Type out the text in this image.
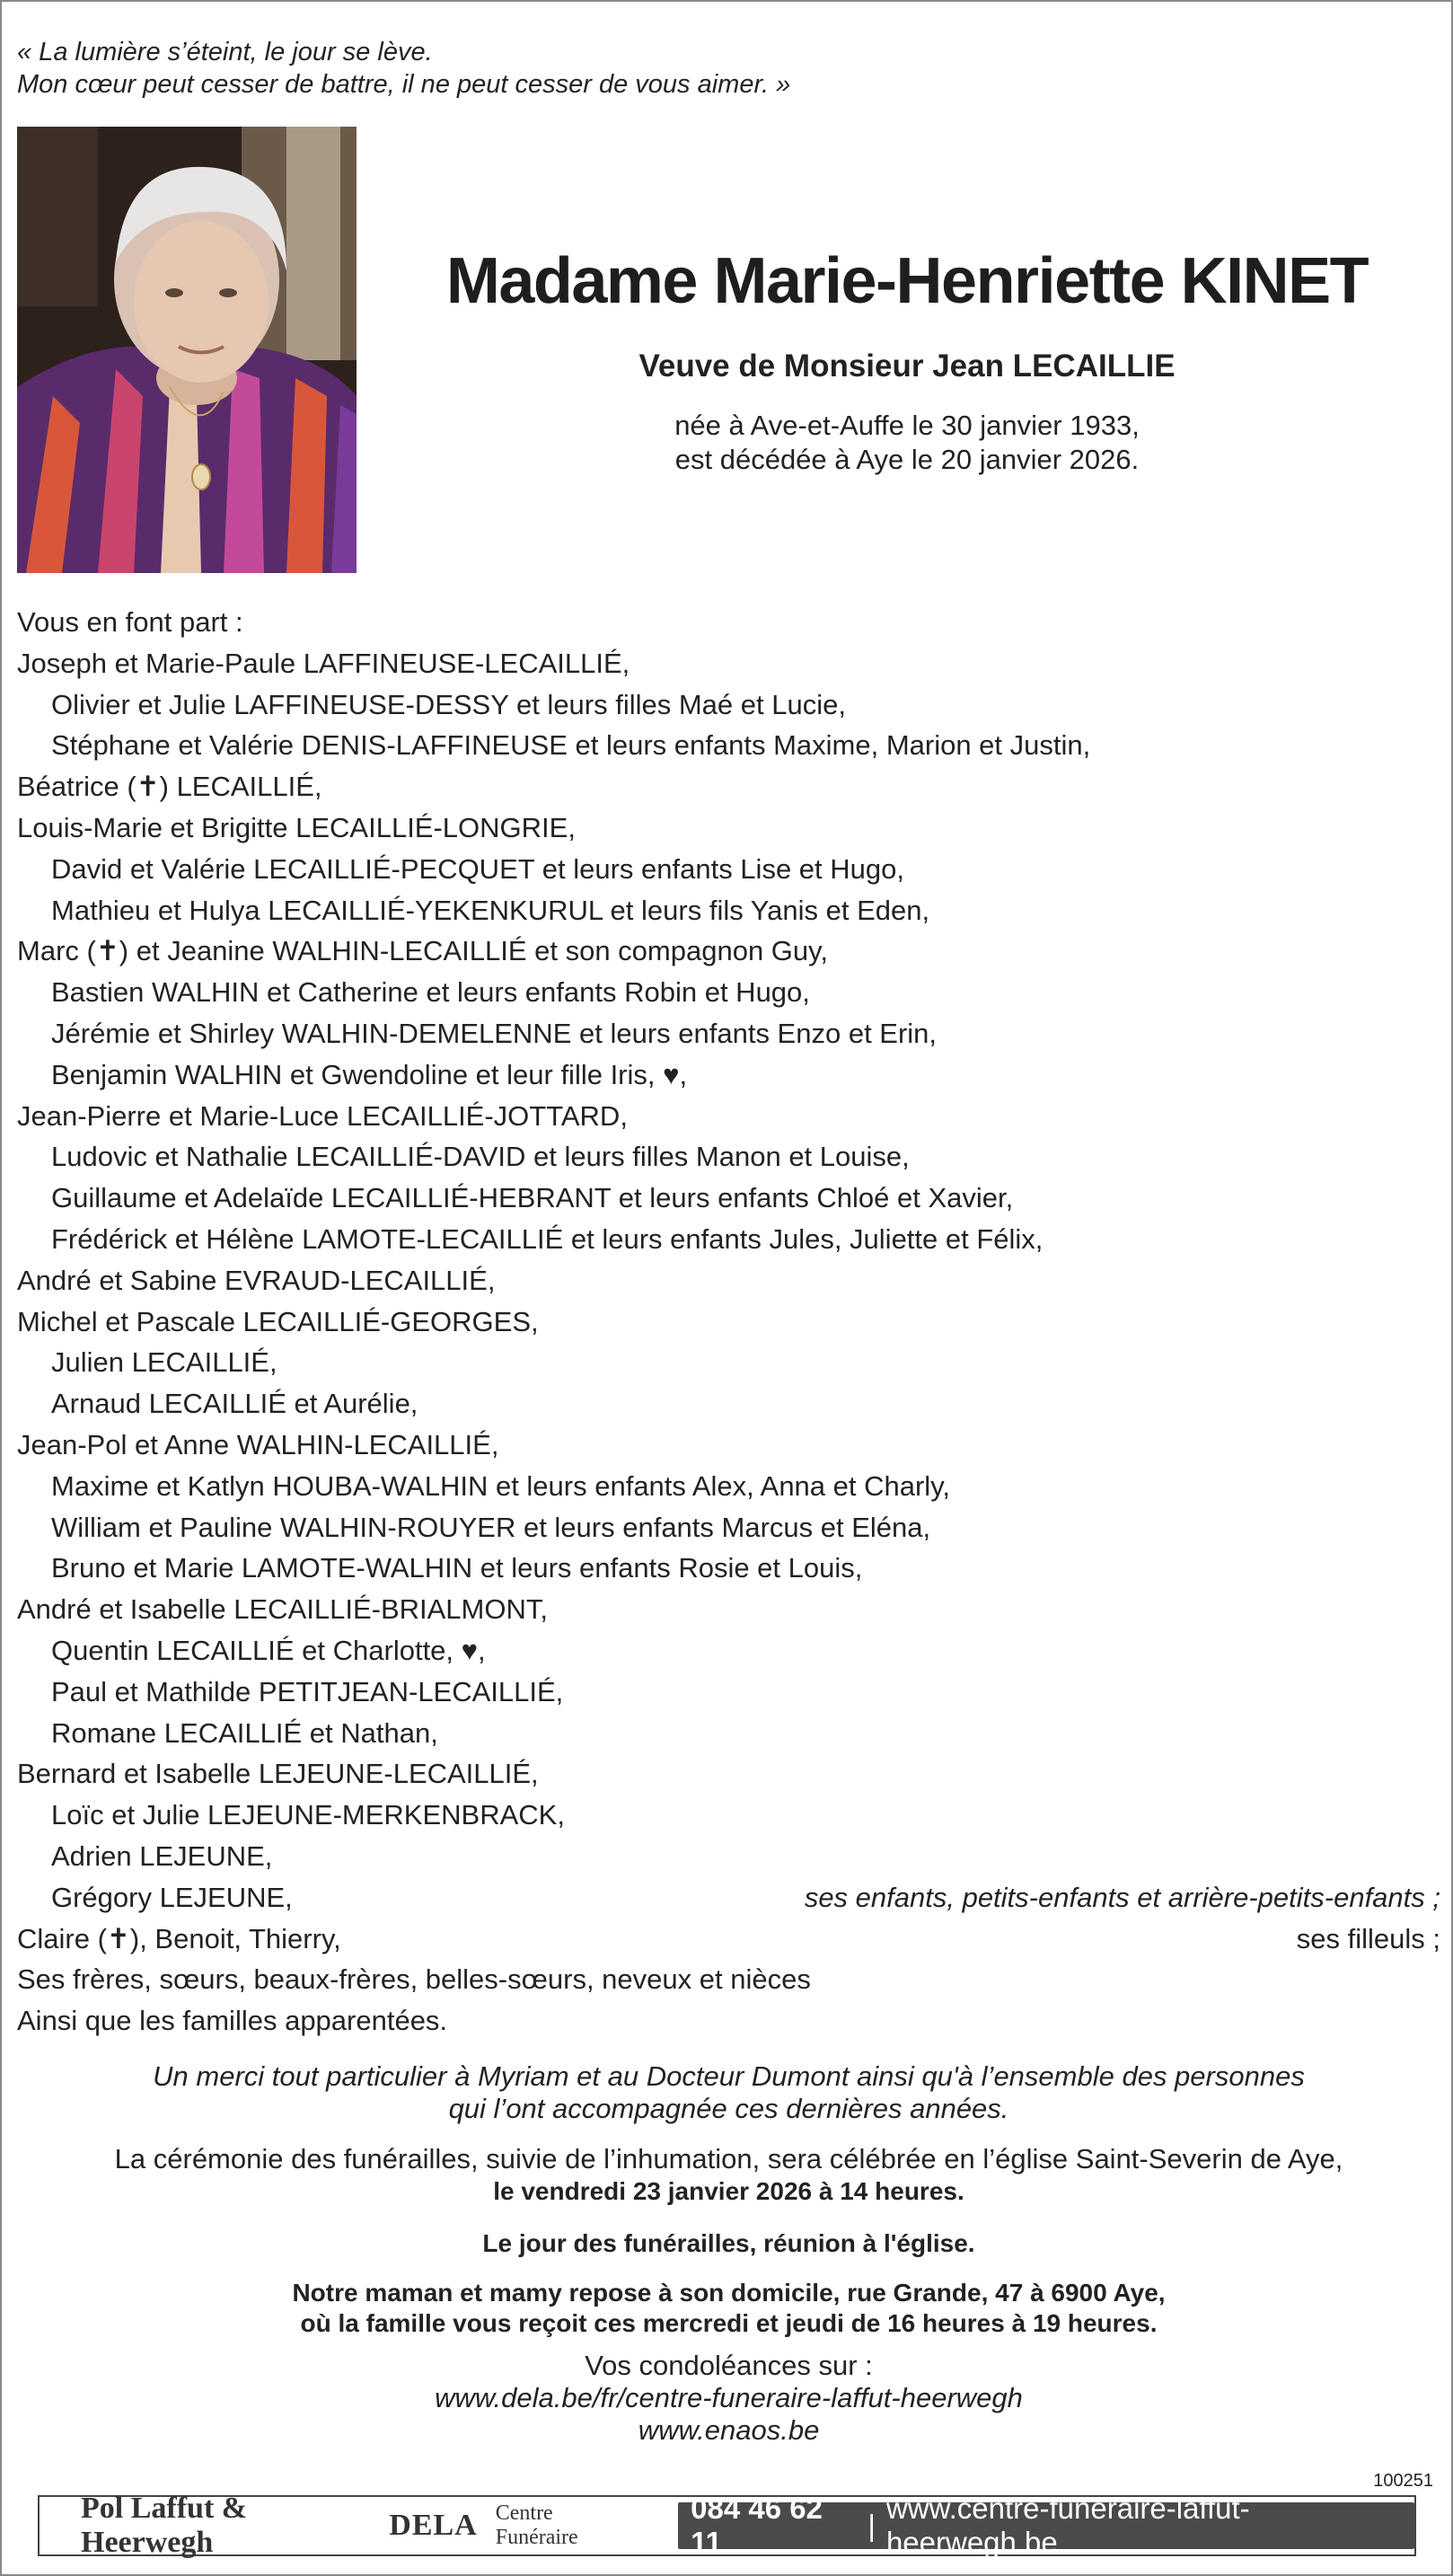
« La lumière s’éteint, le jour se lève.
Mon cœur peut cesser de battre, il ne peut cesser de vous aimer. »
Madame Marie-Henriette KINET
Veuve de Monsieur Jean LECAILLIE
née à Ave-et-Auffe le 30 janvier 1933,
est décédée à Aye le 20 janvier 2026.
Vous en font part :
Joseph et Marie-Paule LAFFINEUSE-LECAILLIÉ,
Olivier et Julie LAFFINEUSE-DESSY et leurs filles Maé et Lucie,
Stéphane et Valérie DENIS-LAFFINEUSE et leurs enfants Maxime, Marion et Justin,
Béatrice (✝) LECAILLIÉ,
Louis-Marie et Brigitte LECAILLIÉ-LONGRIE,
David et Valérie LECAILLIÉ-PECQUET et leurs enfants Lise et Hugo,
Mathieu et Hulya LECAILLIÉ-YEKENKURUL et leurs fils Yanis et Eden,
Marc (✝) et Jeanine WALHIN-LECAILLIÉ et son compagnon Guy,
Bastien WALHIN et Catherine et leurs enfants Robin et Hugo,
Jérémie et Shirley WALHIN-DEMELENNE et leurs enfants Enzo et Erin,
Benjamin WALHIN et Gwendoline et leur fille Iris, ♥,
Jean-Pierre et Marie-Luce LECAILLIÉ-JOTTARD,
Ludovic et Nathalie LECAILLIÉ-DAVID et leurs filles Manon et Louise,
Guillaume et Adelaïde LECAILLIÉ-HEBRANT et leurs enfants Chloé et Xavier,
Frédérick et Hélène LAMOTE-LECAILLIÉ et leurs enfants Jules, Juliette et Félix,
André et Sabine EVRAUD-LECAILLIÉ,
Michel et Pascale LECAILLIÉ-GEORGES,
Julien LECAILLIÉ,
Arnaud LECAILLIÉ et Aurélie,
Jean-Pol et Anne WALHIN-LECAILLIÉ,
Maxime et Katlyn HOUBA-WALHIN et leurs enfants Alex, Anna et Charly,
William et Pauline WALHIN-ROUYER et leurs enfants Marcus et Eléna,
Bruno et Marie LAMOTE-WALHIN et leurs enfants Rosie et Louis,
André et Isabelle LECAILLIÉ-BRIALMONT,
Quentin LECAILLIÉ et Charlotte, ♥,
Paul et Mathilde PETITJEAN-LECAILLIÉ,
Romane LECAILLIÉ et Nathan,
Bernard et Isabelle LEJEUNE-LECAILLIÉ,
Loïc et Julie LEJEUNE-MERKENBRACK,
Adrien LEJEUNE,
Grégory LEJEUNE,	ses enfants, petits-enfants et arrière-petits-enfants ;
Claire (✝), Benoit, Thierry,	ses filleuls ;
Ses frères, sœurs, beaux-frères, belles-sœurs, neveux et nièces
Ainsi que les familles apparentées.
Un merci tout particulier à Myriam et au Docteur Dumont ainsi qu'à l’ensemble des personnes
qui l’ont accompagnée ces dernières années.
La cérémonie des funérailles, suivie de l’inhumation, sera célébrée en l’église Saint-Severin de Aye,
le vendredi 23 janvier 2026 à 14 heures.
Le jour des funérailles, réunion à l'église.
Notre maman et mamy repose à son domicile, rue Grande, 47 à 6900 Aye,
où la famille vous reçoit ces mercredi et jeudi de 16 heures à 19 heures.
Vos condoléances sur :
www.dela.be/fr/centre-funeraire-laffut-heerwegh
www.enaos.be
100251
Pol Laffut & Heerwegh
DELA Centre Funéraire
084 46 62 11
|
www.centre-funeraire-laffut-heerwegh.be
